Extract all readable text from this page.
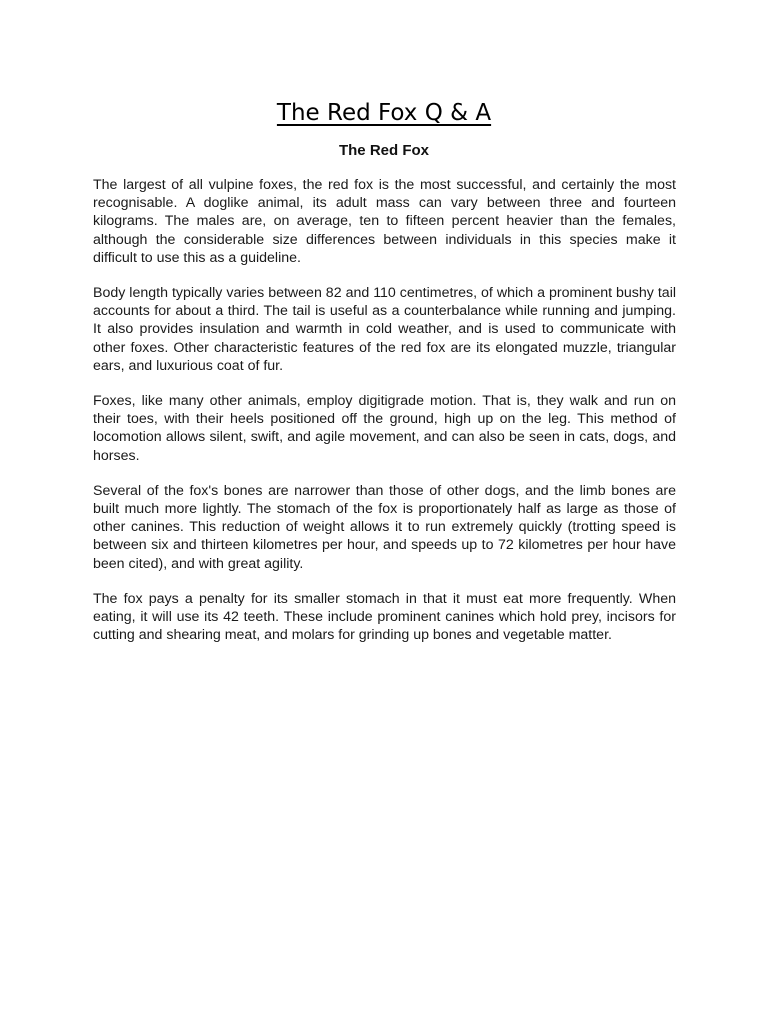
The Red Fox Q & A
The Red Fox

The largest of all vulpine foxes, the red fox is the most successful, and certainly the most recognisable. A doglike animal, its adult mass can vary between three and fourteen kilograms. The males are, on average, ten to fifteen percent heavier than the females, although the considerable size differences between individuals in this species make it difficult to use this as a guideline.

Body length typically varies between 82 and 110 centimetres, of which a prominent bushy tail accounts for about a third. The tail is useful as a counterbalance while running and jumping. It also provides insulation and warmth in cold weather, and is used to communicate with other foxes. Other characteristic features of the red fox are its elongated muzzle, triangular ears, and luxurious coat of fur.

Foxes, like many other animals, employ digitigrade motion. That is, they walk and run on their toes, with their heels positioned off the ground, high up on the leg. This method of locomotion allows silent, swift, and agile movement, and can also be seen in cats, dogs, and horses.

Several of the fox's bones are narrower than those of other dogs, and the limb bones are built much more lightly. The stomach of the fox is proportionately half as large as those of other canines. This reduction of weight allows it to run extremely quickly (trotting speed is between six and thirteen kilometres per hour, and speeds up to 72 kilometres per hour have been cited), and with great agility.

The fox pays a penalty for its smaller stomach in that it must eat more frequently. When eating, it will use its 42 teeth. These include prominent canines which hold prey, incisors for cutting and shearing meat, and molars for grinding up bones and vegetable matter.
